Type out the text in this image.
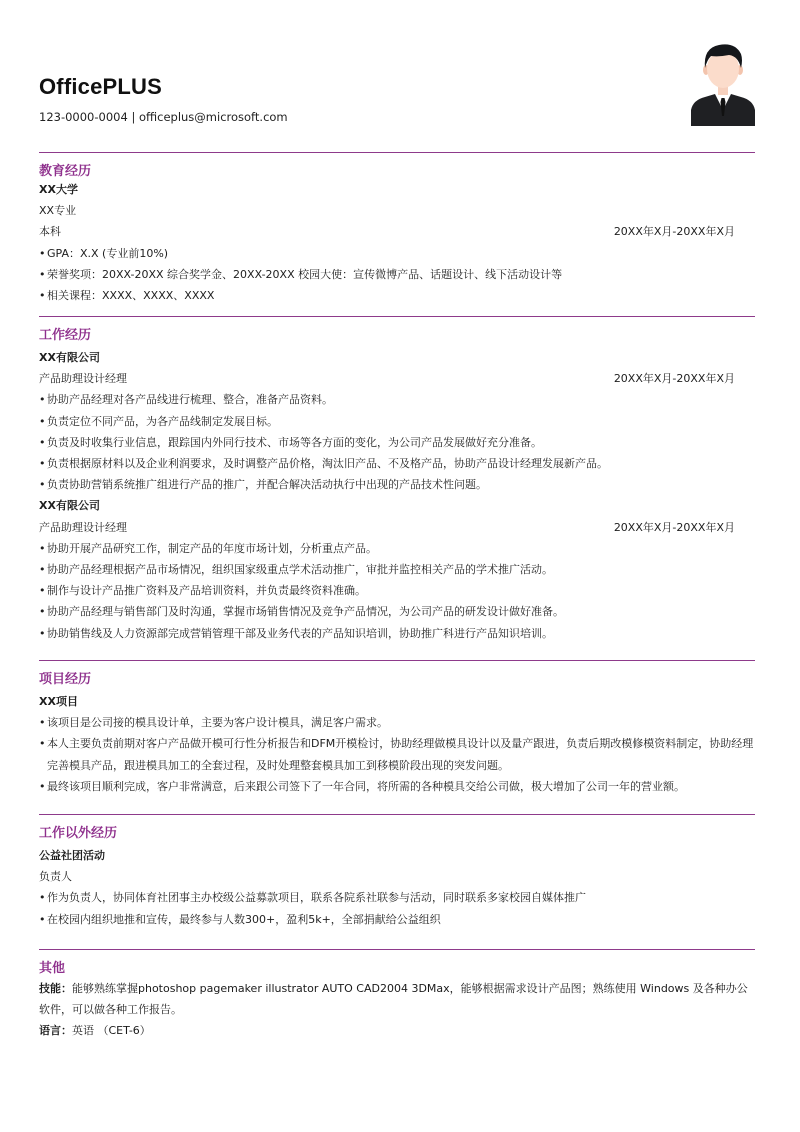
OfficePLUS
123-0000-0004 | officeplus@microsoft.com
教育经历
XX大学
XX专业
本科	20XX年X月-20XX年X月
• GPA：X.X (专业前10%)
• 荣誉奖项：20XX-20XX 综合奖学金、20XX-20XX 校园大使：宣传微博产品、话题设计、线下活动设计等
• 相关课程：XXXX、XXXX、XXXX
工作经历
XX有限公司
产品助理设计经理	20XX年X月-20XX年X月
• 协助产品经理对各产品线进行梳理、整合，准备产品资料。
• 负责定位不同产品，为各产品线制定发展目标。
• 负责及时收集行业信息，跟踪国内外同行技术、市场等各方面的变化，为公司产品发展做好充分准备。
• 负责根据原材料以及企业利润要求，及时调整产品价格，淘汰旧产品、不及格产品，协助产品设计经理发展新产品。
• 负责协助营销系统推广组进行产品的推广，并配合解决活动执行中出现的产品技术性问题。
XX有限公司
产品助理设计经理	20XX年X月-20XX年X月
• 协助开展产品研究工作，制定产品的年度市场计划，分析重点产品。
• 协助产品经理根据产品市场情况，组织国家级重点学术活动推广，审批并监控相关产品的学术推广活动。
• 制作与设计产品推广资料及产品培训资料，并负责最终资料准确。
• 协助产品经理与销售部门及时沟通，掌握市场销售情况及竞争产品情况，为公司产品的研发设计做好准备。
• 协助销售线及人力资源部完成营销管理干部及业务代表的产品知识培训，协助推广科进行产品知识培训。
项目经历
XX项目
• 该项目是公司接的模具设计单，主要为客户设计模具，满足客户需求。
• 本人主要负责前期对客户产品做开模可行性分析报告和DFM开模检讨，协助经理做模具设计以及量产跟进，负责后期改模修模资料制定，协助经理完善模具产品，跟进模具加工的全套过程，及时处理整套模具加工到移模阶段出现的突发问题。
• 最终该项目顺利完成，客户非常满意，后来跟公司签下了一年合同，将所需的各种模具交给公司做，极大增加了公司一年的营业额。
工作以外经历
公益社团活动
负责人
• 作为负责人，协同体育社团事主办校级公益募款项目，联系各院系社联参与活动，同时联系多家校园自媒体推广
• 在校园内组织地推和宣传，最终参与人数300+，盈利5k+，全部捐献给公益组织
其他
技能：能够熟练掌握photoshop pagemaker illustrator AUTO CAD2004 3DMax，能够根据需求设计产品图；熟练使用 Windows 及各种办公软件，可以做各种工作报告。
语言：英语 （CET-6）
